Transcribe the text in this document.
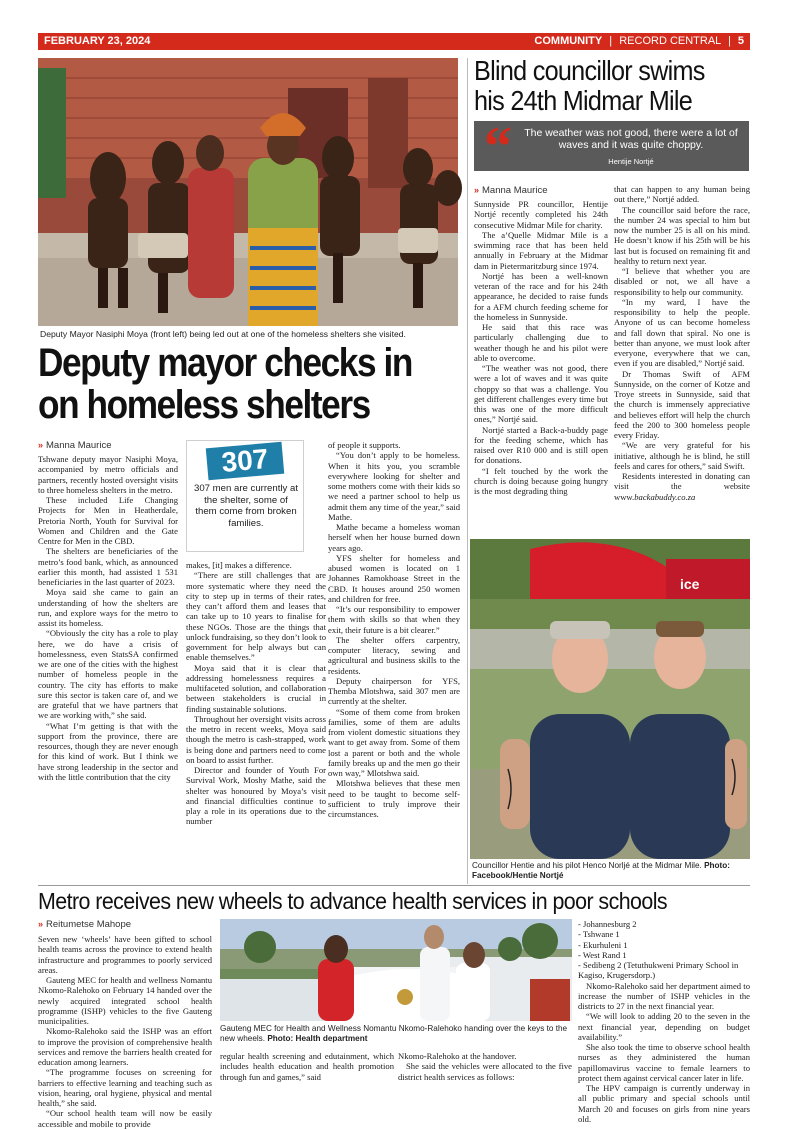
FEBRUARY 23, 2024	COMMUNITY | RECORD CENTRAL | 5
Deputy Mayor Nasiphi Moya (front left) being led out at one of the homeless shelters she visited.
Deputy mayor checks in
on homeless shelters
» Manna Maurice	307
307 men are currently at the shelter, some of them come from broken families.

Tshwane deputy mayor Nasiphi Moya, accompanied by metro officials and partners, recently hosted oversight visits to three homeless shelters in the metro.

These included Life Changing Projects for Men in Heatherdale, Pretoria North, Youth for Survival for Women and Children and the Gate Centre for Men in the CBD.

The shelters are beneficiaries of the metro’s food bank, which, as announced earlier this month, had assisted 1 531 beneficiaries in the last quarter of 2023.

Moya said she came to gain an understanding of how the shelters are run, and explore ways for the metro to assist its homeless.

“Obviously the city has a role to play here, we do have a crisis of homelessness, even StatsSA confirmed we are one of the cities with the highest number of homeless people in the country. The city has efforts to make sure this sector is taken care of, and we are grateful that we have partners that we are working with,” she said.

“What I’m getting is that with the support from the province, there are resources, though they are never enough for this kind of work. But I think we have strong leadership in the sector and with the little contribution that the city

makes, [it] makes a difference.

“There are still challenges that are more systematic where they need the city to step up in terms of their rates, they can’t afford them and leases that can take up to 10 years to finalise for these NGOs. Those are the things that unlock fundraising, so they don’t look to government for help always but can enable themselves.”

Moya said that it is clear that addressing homelessness requires a multifaceted solution, and collaboration between stakeholders is crucial in finding sustainable solutions.

Throughout her oversight visits across the metro in recent weeks, Moya said though the metro is cash-strapped, work is being done and partners need to come on board to assist further.

Director and founder of Youth For Survival Work, Moshy Mathe, said the shelter was honoured by Moya’s visit and financial difficulties continue to play a role in its operations due to the number

of people it supports.

“You don’t apply to be homeless. When it hits you, you scramble everywhere looking for shelter and some mothers come with their kids so we need a partner school to help us admit them any time of the year,” said Mathe.

Mathe became a homeless woman herself when her house burned down years ago.

YFS shelter for homeless and abused women is located on 1 Johannes Ramokhoase Street in the CBD. It houses around 250 women and children for free.

“It’s our responsibility to empower them with skills so that when they exit, their future is a bit clearer.”

The shelter offers carpentry, computer literacy, sewing and agricultural and business skills to the residents.

Deputy chairperson for YFS, Themba Mlotshwa, said 307 men are currently at the shelter.

“Some of them come from broken families, some of them are adults from violent domestic situations they want to get away from. Some of them lost a parent or both and the whole family breaks up and the men go their own way,” Mlotshwa said.

Mlotshwa believes that these men need to be taught to become self-sufficient to truly improve their circumstances.

Blind councillor swims
his 24th Midmar Mile
“	The weather was not good, there were a lot of waves and it was quite choppy.
Hentije Nortjé
» Manna Maurice

Sunnyside PR councillor, Hentije Nortjé recently completed his 24th consecutive Midmar Mile for charity.

The a’Quelle Midmar Mile is a swimming race that has been held annually in February at the Midmar dam in Pietermaritzburg since 1974.

Nortjé has been a well-known veteran of the race and for his 24th appearance, he decided to raise funds for a AFM church feeding scheme for the homeless in Sunnyside.

He said that this race was particularly challenging due to weather though he and his pilot were able to overcome.

“The weather was not good, there were a lot of waves and it was quite choppy so that was a challenge. You get different challenges every time but this was one of the more difficult ones,” Nortjé said.

Nortjé started a Back-a-buddy page for the feeding scheme, which has raised over R10 000 and is still open for donations.

“I felt touched by the work the church is doing because going hungry is the most degrading thing

that can happen to any human being out there,” Nortjé added.

The councillor said before the race, the number 24 was special to him but now the number 25 is all on his mind. He doesn’t know if his 25th will be his last but is focused on remaining fit and healthy to return next year.

“I believe that whether you are disabled or not, we all have a responsibility to help our community.

“In my ward, I have the responsibility to help the people. Anyone of us can become homeless and fall down that spiral. No one is better than anyone, we must look after everyone, everywhere that we can, even if you are disabled,” Nortjé said.

Dr Thomas Swift of AFM Sunnyside, on the corner of Kotze and Troye streets in Sunnyside, said that the church is immensely appreciative and believes effort will help the church feed the 200 to 300 homeless people every Friday.

“We are very grateful for his initiative, although he is blind, he still feels and cares for others,” said Swift.

Residents interested in donating can visit the website www.backabuddy.co.za

ice
Councillor Hentie and his pilot Henco Norljé at the Midmar Mile. Photo: Facebook/Hentie Nortjé
Metro receives new wheels to advance health services in poor schools
» Reitumetse Mahope

Seven new ‘wheels’ have been gifted to school health teams across the province to extend health infrastructure and programmes to poorly serviced areas.

Gauteng MEC for health and wellness Nomantu Nkomo-Ralehoko on February 14 handed over the newly acquired integrated school health programme (ISHP) vehicles to the five Gauteng municipalities.

Nkomo-Ralehoko said the ISHP was an effort to improve the provision of comprehensive health services and remove the barriers health created for education among learners.

“The programme focuses on screening for barriers to effective learning and teaching such as vision, hearing, oral hygiene, physical and mental health,” she said.

“Our school health team will now be easily accessible and mobile to provide

Gauteng MEC for Health and Wellness Nomantu Nkomo-Ralehoko handing over the keys to the new wheels. Photo: Health department

regular health screening and edutainment, which includes health education and health promotion through fun and games,” said

Nkomo-Ralehoko at the handover.

She said the vehicles were allocated to the five district health services as follows:

- Johannesburg 2
- Tshwane 1
- Ekurhuleni 1
- West Rand 1
- Sedibeng 2 (Tetuthukweni Primary School in Kagiso, Krugersdorp.)

Nkomo-Ralehoko said her department aimed to increase the number of ISHP vehicles in the districts to 27 in the next financial year.

“We will look to adding 20 to the seven in the next financial year, depending on budget availability.”

She also took the time to observe school health nurses as they administered the human papillomavirus vaccine to female learners to protect them against cervical cancer later in life.

The HPV campaign is currently underway in all public primary and special schools until March 20 and focuses on girls from nine years old.
